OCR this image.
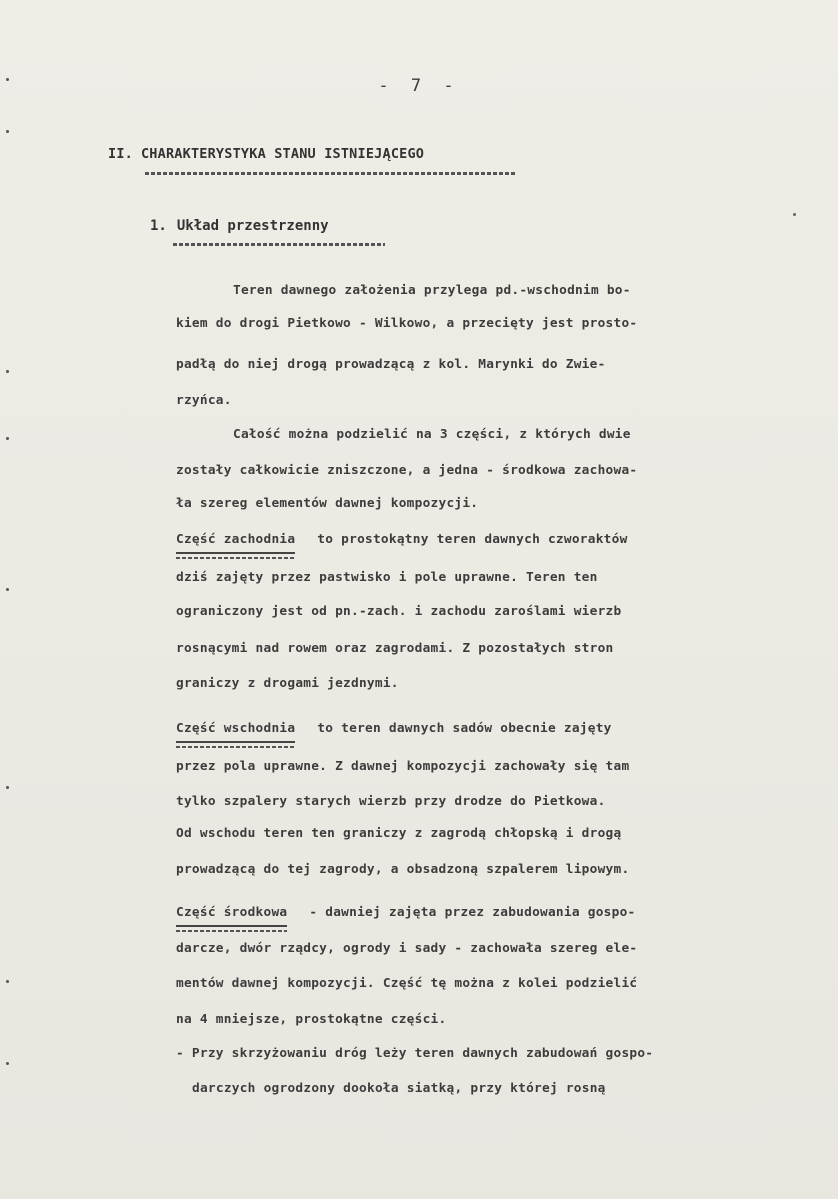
- 7 -
II. CHARAKTERYSTYKA STANU ISTNIEJĄCEGO
1. Układ przestrzenny
Teren dawnego założenia przylega pd.-wschodnim bo-
kiem do drogi Pietkowo - Wilkowo, a przecięty jest prosto-
padłą do niej drogą prowadzącą z kol. Marynki do Zwie-
rzyńca.
Całość można podzielić na 3 części, z których dwie
zostały całkowicie zniszczone, a jedna - środkowa zachowa-
ła szereg elementów dawnej kompozycji.
Część zachodnia to prostokątny teren dawnych czworaktów
dziś zajęty przez pastwisko i pole uprawne. Teren ten
ograniczony jest od pn.-zach. i zachodu zaroślami wierzb
rosnącymi nad rowem oraz zagrodami. Z pozostałych stron
graniczy z drogami jezdnymi.
Część wschodnia to teren dawnych sadów obecnie zajęty
przez pola uprawne. Z dawnej kompozycji zachowały się tam
tylko szpalery starych wierzb przy drodze do Pietkowa.
Od wschodu teren ten graniczy z zagrodą chłopską i drogą
prowadzącą do tej zagrody, a obsadzoną szpalerem lipowym.
Część środkowa - dawniej zajęta przez zabudowania gospo-
darcze, dwór rządcy, ogrody i sady - zachowała szereg ele-
mentów dawnej kompozycji. Część tę można z kolei podzielić
na 4 mniejsze, prostokątne części.
- Przy skrzyżowaniu dróg leży teren dawnych zabudowań gospo-
darczych ogrodzony dookoła siatką, przy której rosną
